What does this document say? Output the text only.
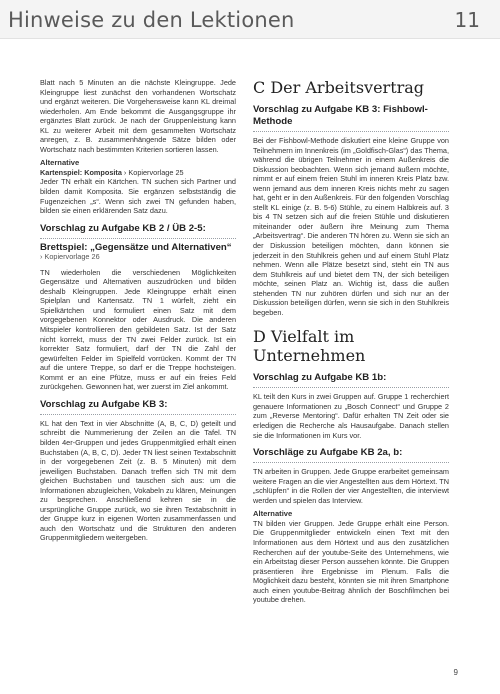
Hinweise zu den Lektionen	11

Blatt nach 5 Minuten an die nächste Kleingruppe. Jede Kleingruppe liest zunächst den vorhandenen Wortschatz und ergänzt weiteren. Die Vorgehensweise kann KL dreimal wiederholen. Am Ende bekommt die Ausgangsgruppe ihr ergänztes Blatt zurück. Je nach der Gruppenleistung kann KL zu weiterer Arbeit mit dem gesammelten Wortschatz anregen, z. B. zusammenhängende Sätze bilden oder Wortschatz nach bestimmten Kriterien sortieren lassen.

Alternative
Kartenspiel: Komposita › Kopiervorlage 25

Jeder TN erhält ein Kärtchen. TN suchen sich Partner und bilden damit Komposita. Sie ergänzen selbstständig die Fugenzeichen „s“. Wenn sich zwei TN gefunden haben, bilden sie einen erklärenden Satz dazu.

Vorschlag zu Aufgabe KB 2 / ÜB 2-5:
Brettspiel: „Gegensätze und Alternativen“ › Kopiervorlage 26

TN wiederholen die verschiedenen Möglichkeiten Gegensätze und Alternativen auszudrücken und bilden deshalb Kleingruppen. Jede Kleingruppe erhält einen Spielplan und Kartensatz. TN 1 würfelt, zieht ein Spielkärtchen und formuliert einen Satz mit dem vorgegebenen Konnektor oder Ausdruck. Die anderen Mitspieler kontrollieren den gebildeten Satz. Ist der Satz nicht korrekt, muss der TN zwei Felder zurück. Ist ein korrekter Satz formuliert, darf der TN die Zahl der gewürfelten Felder im Spielfeld vorrücken. Kommt der TN auf die untere Treppe, so darf er die Treppe hochsteigen. Kommt er an eine Pfütze, muss er auf ein freies Feld zurückgehen. Gewonnen hat, wer zuerst im Ziel ankommt.

Vorschlag zu Aufgabe KB 3:

KL hat den Text in vier Abschnitte (A, B, C, D) geteilt und schreibt die Nummerierung der Zeilen an die Tafel. TN bilden 4er-Gruppen und jedes Gruppenmitglied erhält einen Buchstaben (A, B, C, D). Jeder TN liest seinen Textabschnitt in der vorgegebenen Zeit (z. B. 5 Minuten) mit dem jeweiligen Buchstaben. Danach treffen sich TN mit dem gleichen Buchstaben und tauschen sich aus: um die Informationen abzugleichen, Vokabeln zu klären, Meinungen zu besprechen. Anschließend kehren sie in die ursprüngliche Gruppe zurück, wo sie ihren Textabschnitt in der Gruppe kurz in eigenen Worten zusammenfassen und auch den Wortschatz und die Strukturen den anderen Gruppenmitgliedern weitergeben.

C Der Arbeitsvertrag
Vorschlag zu Aufgabe KB 3: Fishbowl-Methode

Bei der Fishbowl-Methode diskutiert eine kleine Gruppe von Teilnehmern im Innenkreis (im „Goldfisch-Glas“) das Thema, während die übrigen Teilnehmer in einem Außenkreis die Diskussion beobachten. Wenn sich jemand äußern möchte, nimmt er auf einem freien Stuhl im inneren Kreis Platz bzw. wenn jemand aus dem inneren Kreis nichts mehr zu sagen hat, geht er in den Außenkreis. Für den folgenden Vorschlag stellt KL einige (z. B. 5-6) Stühle, zu einem Halbkreis auf. 3 bis 4 TN setzen sich auf die freien Stühle und diskutieren miteinander oder äußern ihre Meinung zum Thema „Arbeitsvertrag“. Die anderen TN hören zu. Wenn sie sich an der Diskussion beteiligen möchten, dann können sie jederzeit in den Stuhlkreis gehen und auf einem Stuhl Platz nehmen. Wenn alle Plätze besetzt sind, steht ein TN aus dem Stuhlkreis auf und bietet dem TN, der sich beteiligen möchte, seinen Platz an. Wichtig ist, dass die außen stehenden TN nur zuhören dürfen und sich nur an der Diskussion beteiligen dürfen, wenn sie sich in den Stuhlkreis begeben.

D Vielfalt im Unternehmen
Vorschlag zu Aufgabe KB 1b:

KL teilt den Kurs in zwei Gruppen auf. Gruppe 1 recherchiert genauere Informationen zu „Bosch Connect“ und Gruppe 2 zum „Reverse Mentoring“. Dafür erhalten TN Zeit oder sie erledigen die Recherche als Hausaufgabe. Danach stellen sie die Informationen im Kurs vor.

Vorschläge zu Aufgabe KB 2a, b:

TN arbeiten in Gruppen. Jede Gruppe erarbeitet gemeinsam weitere Fragen an die vier Angestellten aus dem Hörtext. TN „schlüpfen“ in die Rollen der vier Angestellten, die interviewt werden und spielen das Interview.

Alternative

TN bilden vier Gruppen. Jede Gruppe erhält eine Person. Die Gruppenmitglieder entwickeln einen Text mit den Informationen aus dem Hörtext und aus den zusätzlichen Recherchen auf der youtube-Seite des Unternehmens, wie ein Arbeitstag dieser Person aussehen könnte. Die Gruppen präsentieren ihre Ergebnisse im Plenum. Falls die Möglichkeit dazu besteht, könnten sie mit ihren Smartphone auch einen youtube-Beitrag ähnlich der Boschfilmchen bei youtube drehen.

9
